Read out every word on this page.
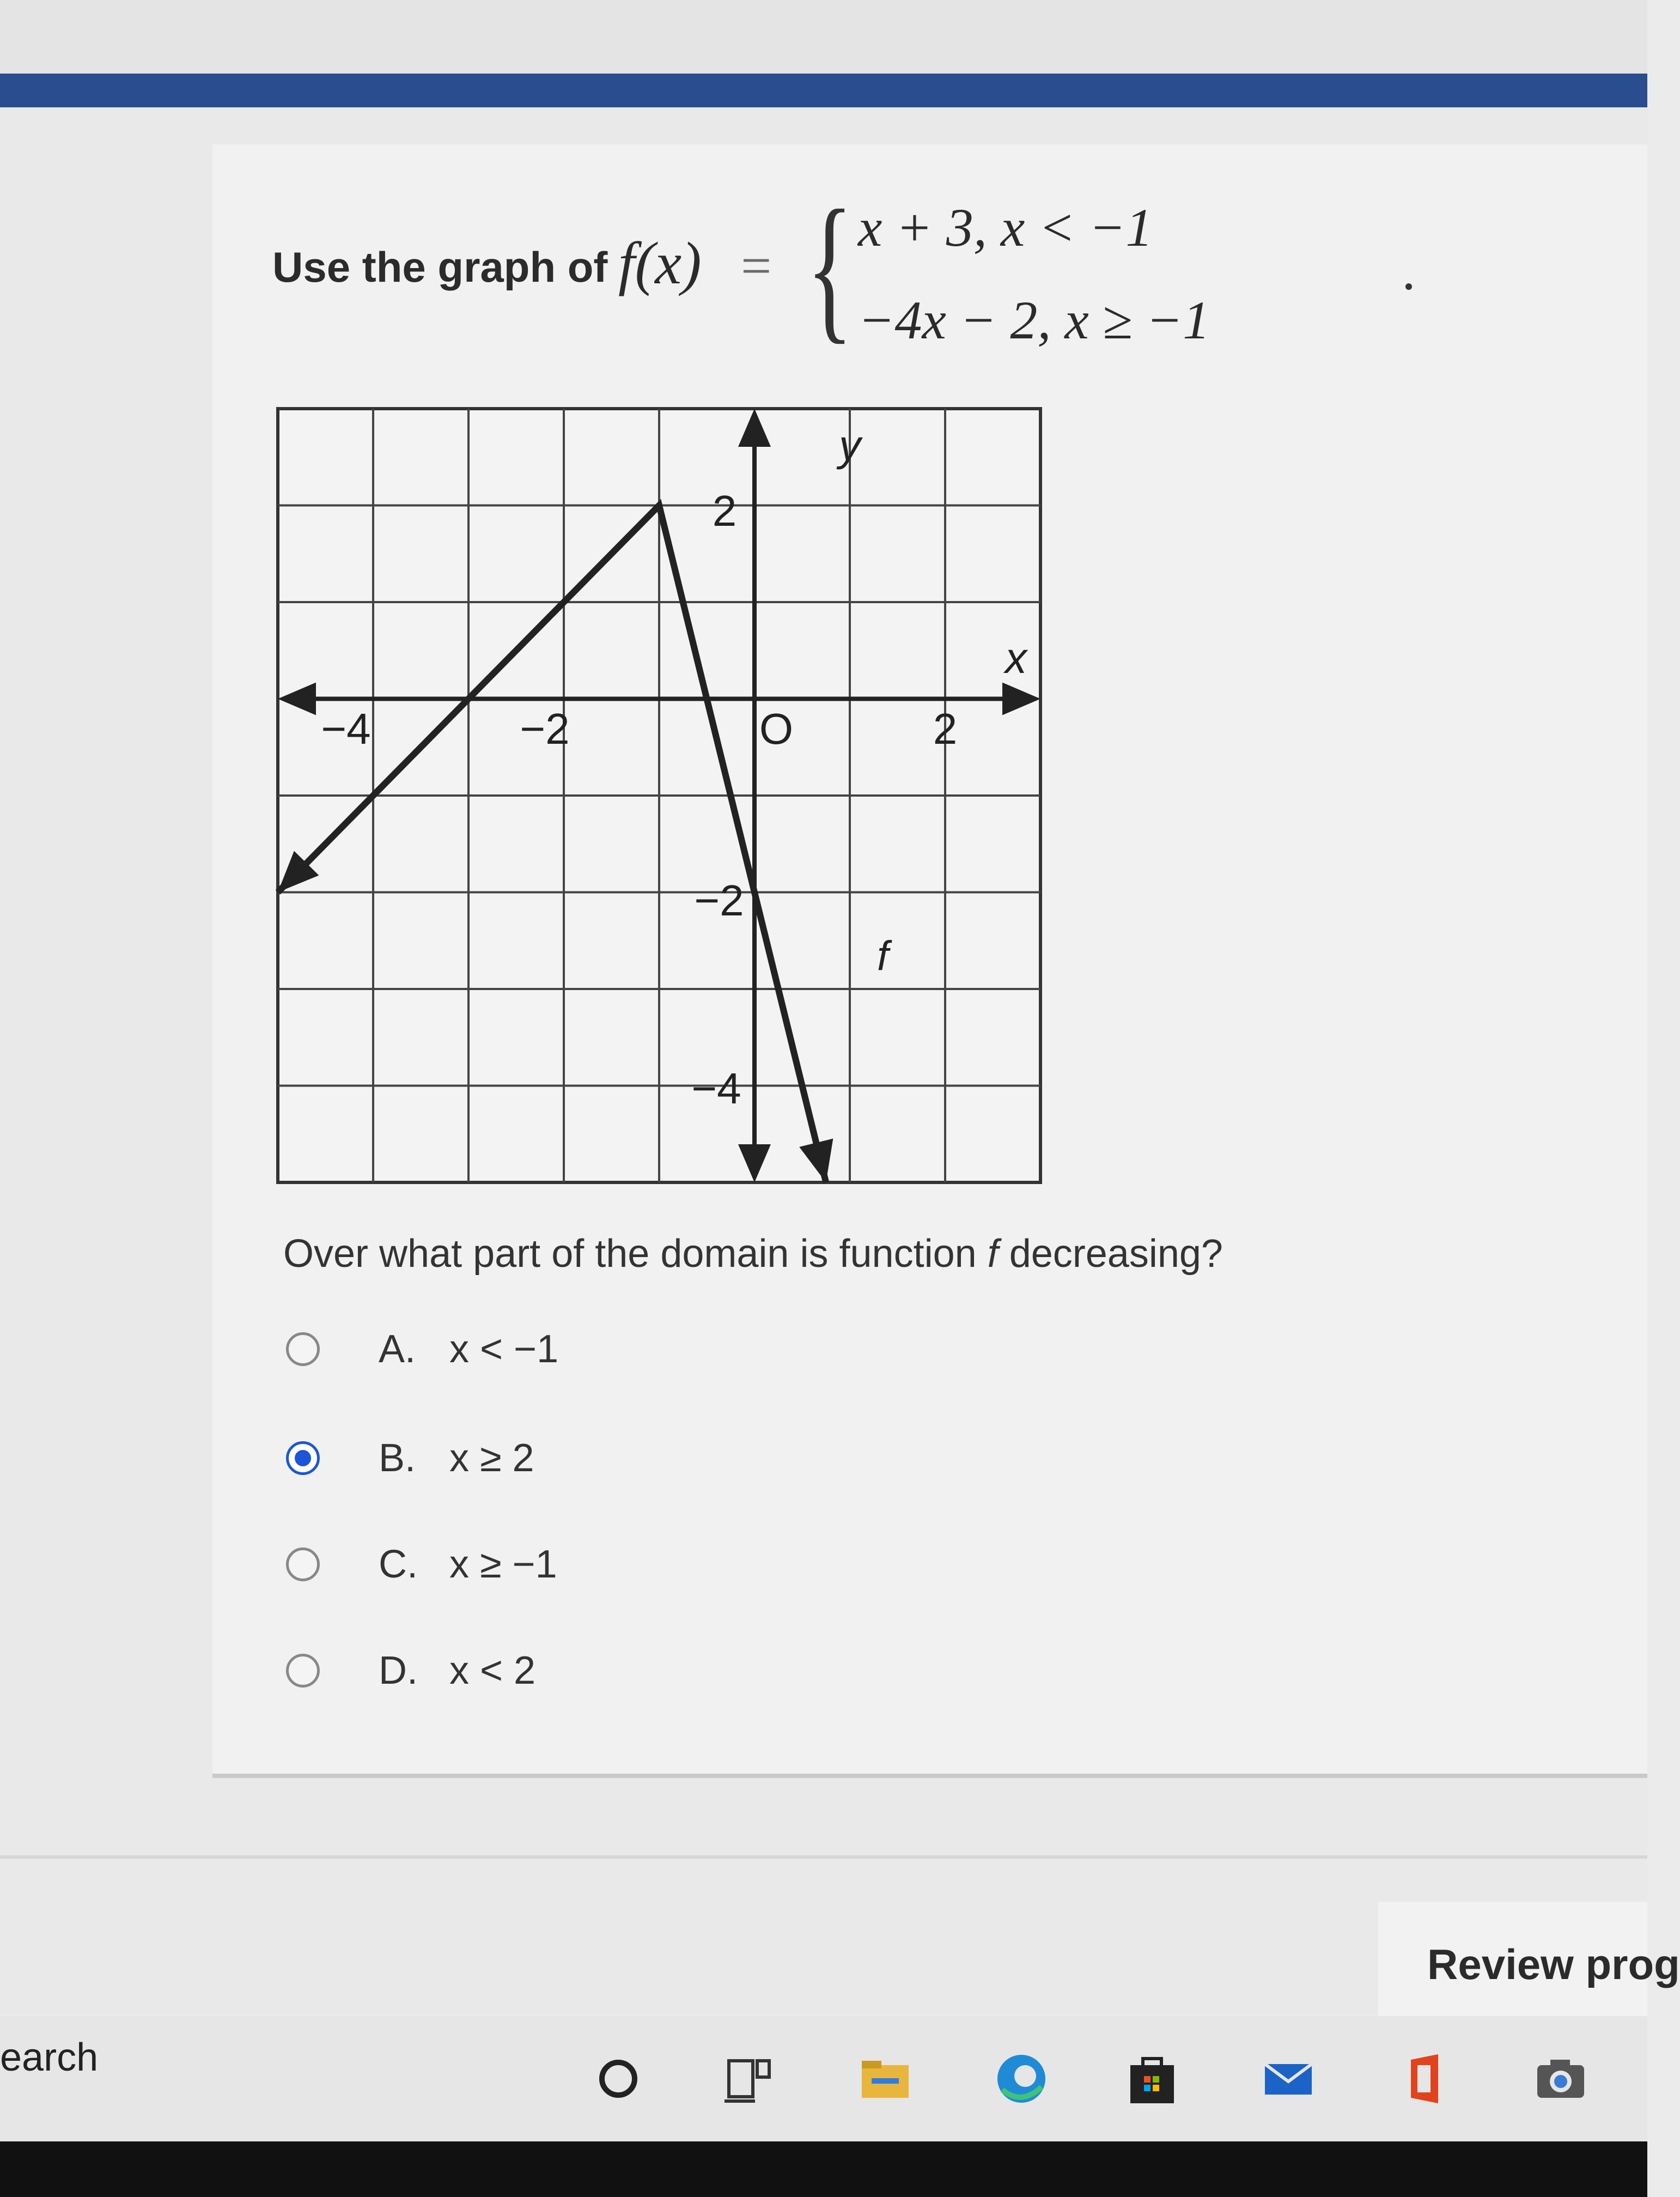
Use the graph of f(x) = { x + 3, x < −1
−4x − 2, x ≥ −1
x
y
f
−4	−2	O	2
2
−2
−4
Over what part of the domain is function f decreasing?
A. x < −1
B. x ≥ 2
C. x ≥ −1
D. x < 2
Review prog
earch
